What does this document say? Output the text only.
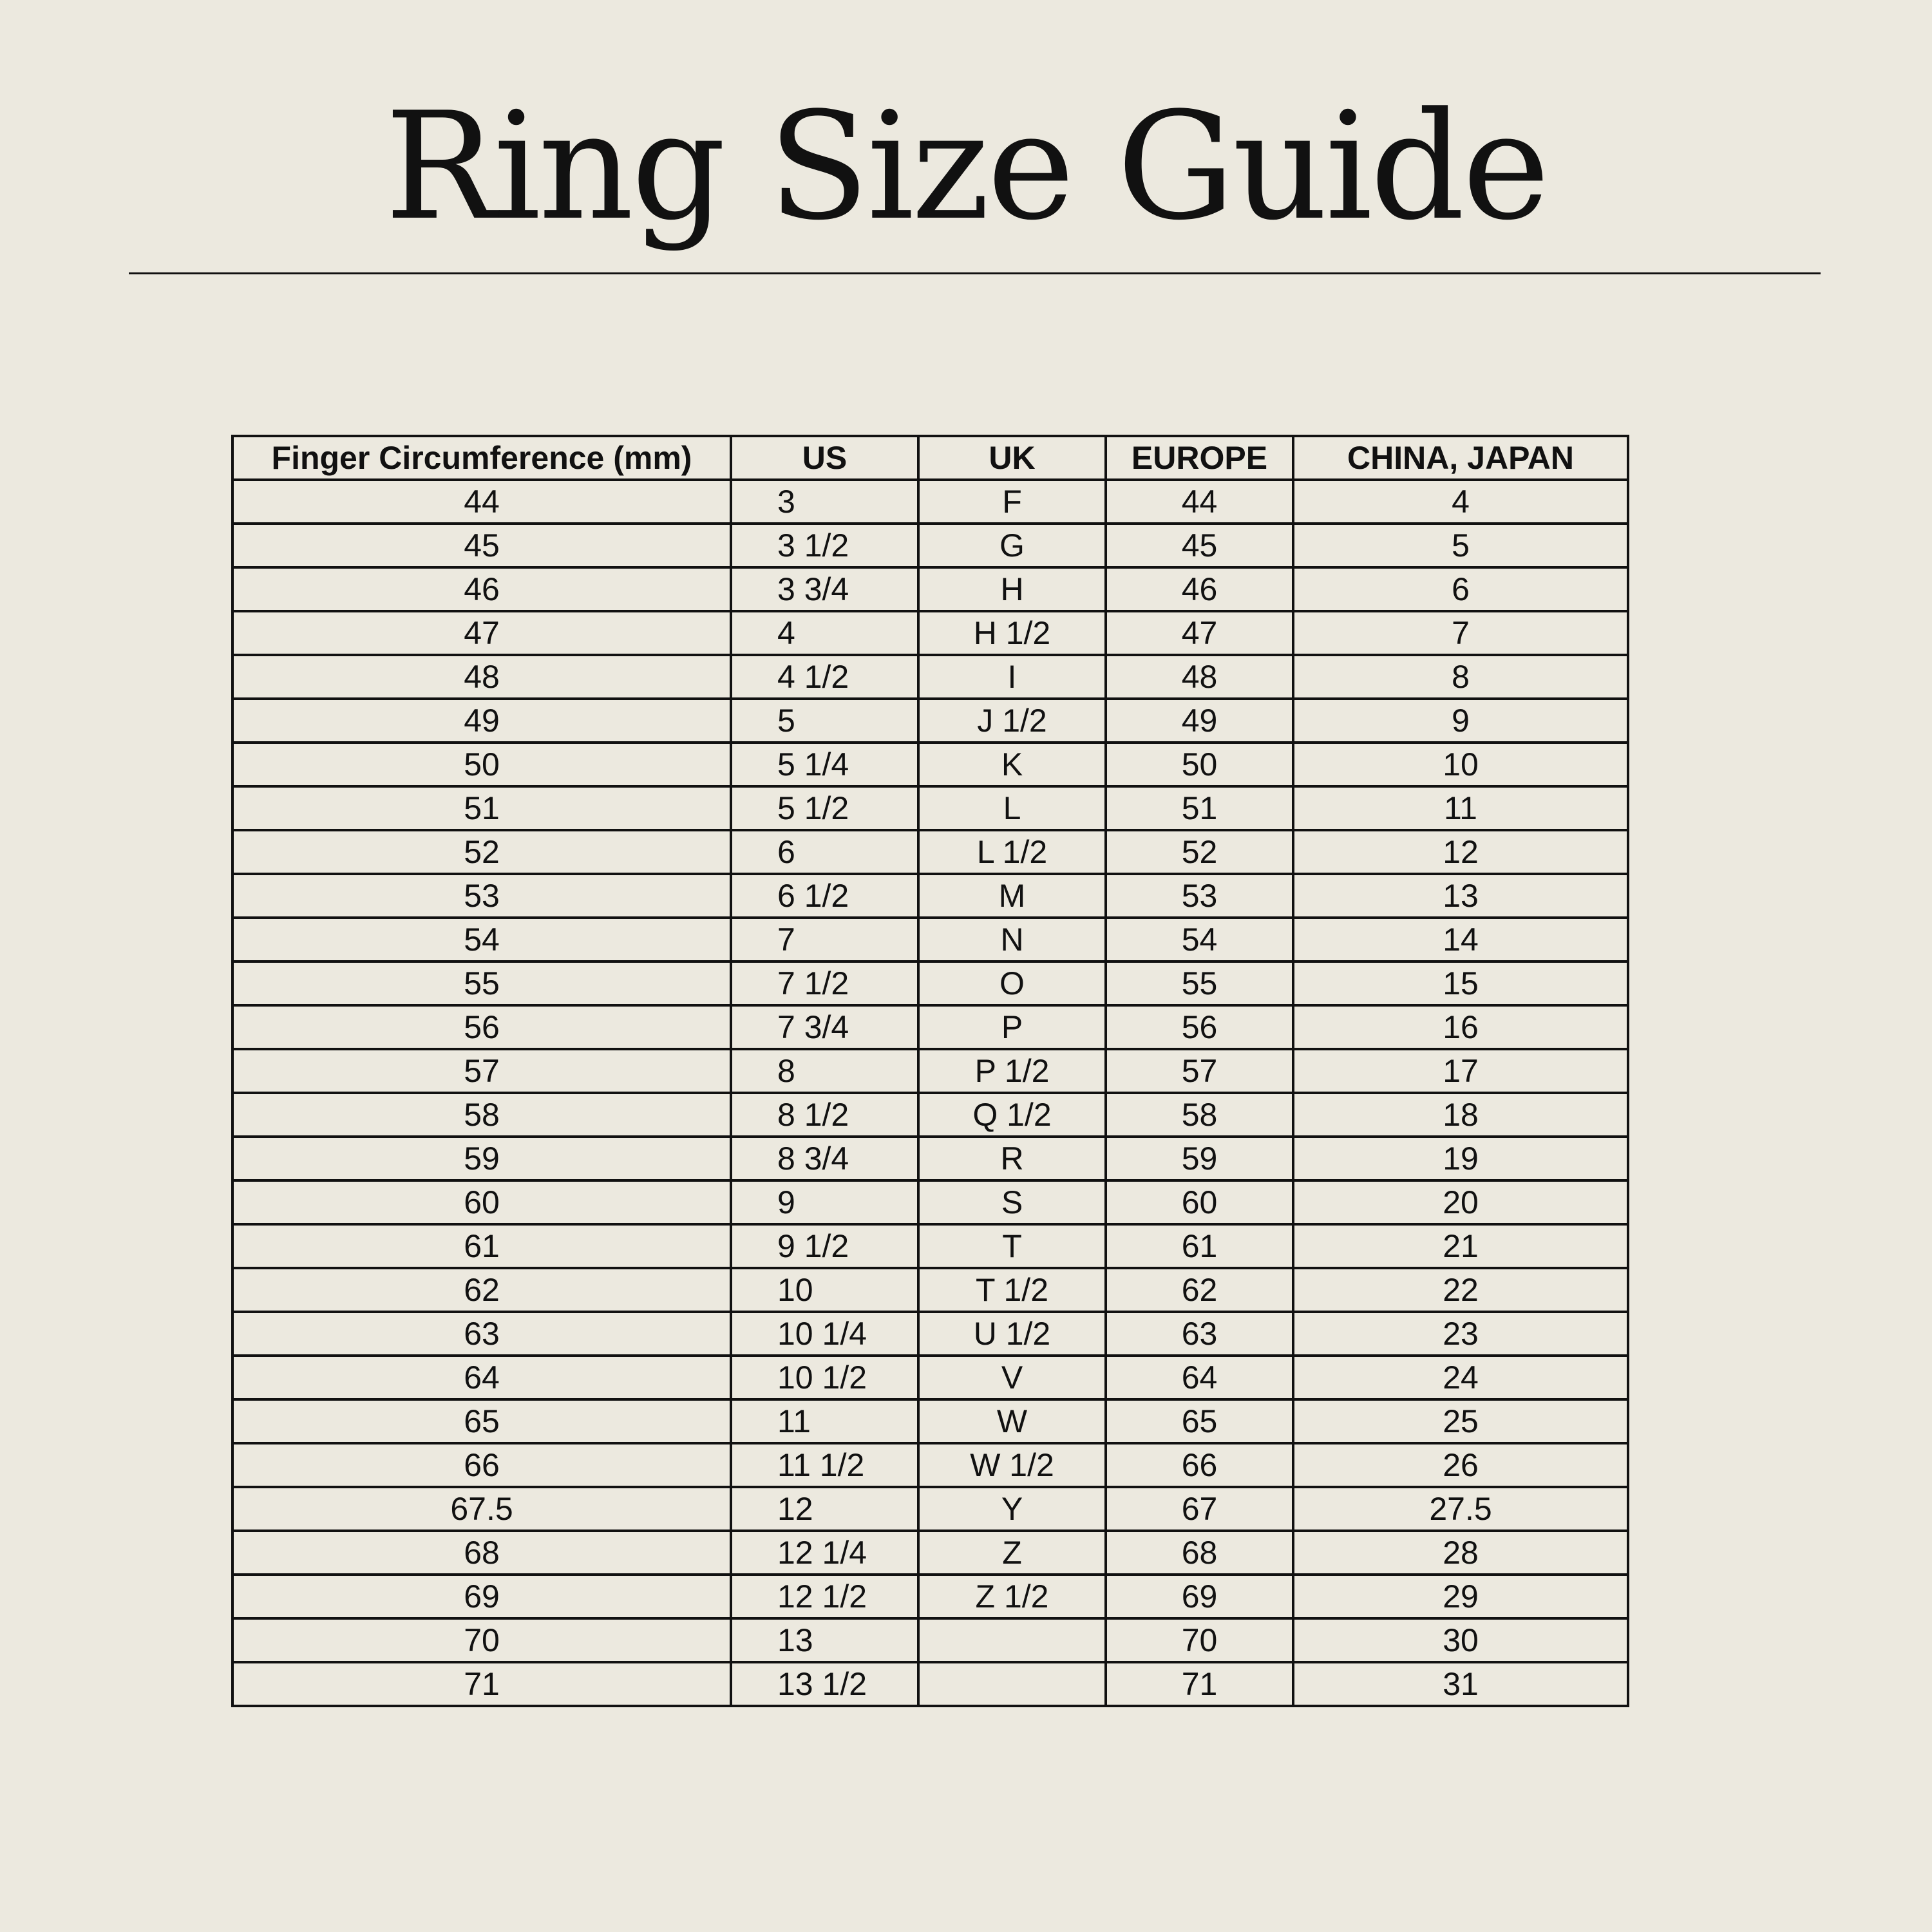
Ring Size Guide
Finger Circumference (mm)	US	UK	EUROPE	CHINA, JAPAN
44	3	F	44	4
45	3 1/2	G	45	5
46	3 3/4	H	46	6
47	4	H 1/2	47	7
48	4 1/2	I	48	8
49	5	J 1/2	49	9
50	5 1/4	K	50	10
51	5 1/2	L	51	11
52	6	L 1/2	52	12
53	6 1/2	M	53	13
54	7	N	54	14
55	7 1/2	O	55	15
56	7 3/4	P	56	16
57	8	P 1/2	57	17
58	8 1/2	Q 1/2	58	18
59	8 3/4	R	59	19
60	9	S	60	20
61	9 1/2	T	61	21
62	10	T 1/2	62	22
63	10 1/4	U 1/2	63	23
64	10 1/2	V	64	24
65	11	W	65	25
66	11 1/2	W 1/2	66	26
67.5	12	Y	67	27.5
68	12 1/4	Z	68	28
69	12 1/2	Z 1/2	69	29
70	13		70	30
71	13 1/2		71	31
